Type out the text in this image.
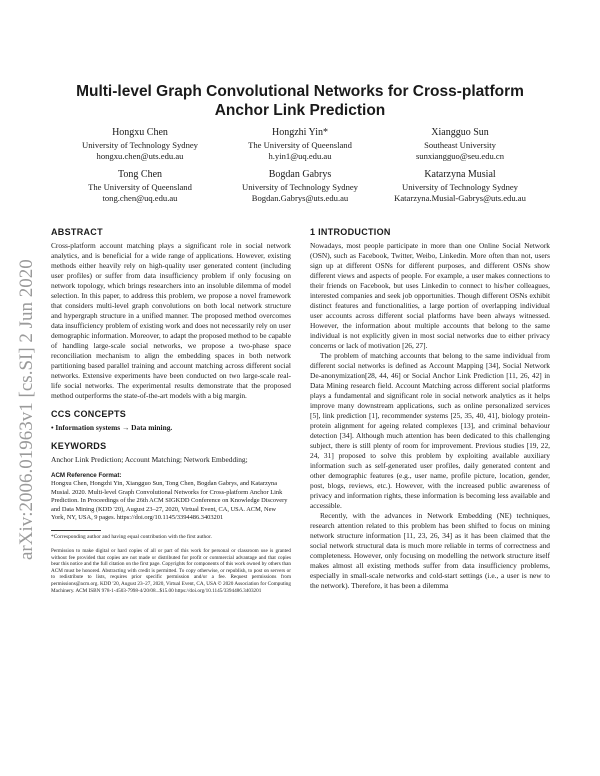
arXiv:2006.01963v1 [cs.SI] 2 Jun 2020
Multi-level Graph Convolutional Networks for Cross-platform Anchor Link Prediction
Hongxu Chen
University of Technology Sydney
hongxu.chen@uts.edu.au
Hongzhi Yin*
The University of Queensland
h.yin1@uq.edu.au
Xiangguo Sun
Southeast University
sunxiangguo@seu.edu.cn
Tong Chen
The University of Queensland
tong.chen@uq.edu.au
Bogdan Gabrys
University of Technology Sydney
Bogdan.Gabrys@uts.edu.au
Katarzyna Musial
University of Technology Sydney
Katarzyna.Musial-Gabrys@uts.edu.au
ABSTRACT

Cross-platform account matching plays a significant role in social network analytics, and is beneficial for a wide range of applications. However, existing methods either heavily rely on high-quality user generated content (including user profiles) or suffer from data insufficiency problem if only focusing on network topology, which brings researchers into an insoluble dilemma of model selection. In this paper, to address this problem, we propose a novel framework that considers multi-level graph convolutions on both local network structure and hypergraph structure in a unified manner. The proposed method overcomes data insufficiency problem of existing work and does not necessarily rely on user demographic information. Moreover, to adapt the proposed method to be capable of handling large-scale social networks, we propose a two-phase space reconciliation mechanism to align the embedding spaces in both network partitioning based parallel training and account matching across different social networks. Extensive experiments have been conducted on two large-scale real-life social networks. The experimental results demonstrate that the proposed method outperforms the state-of-the-art models with a big margin.

CCS CONCEPTS

• Information systems → Data mining.

KEYWORDS

Anchor Link Prediction; Account Matching; Network Embedding;

ACM Reference Format:

Hongxu Chen, Hongzhi Yin, Xiangguo Sun, Tong Chen, Bogdan Gabrys, and Katarzyna Musial. 2020. Multi-level Graph Convolutional Networks for Cross-platform Anchor Link Prediction. In Proceedings of the 26th ACM SIGKDD Conference on Knowledge Discovery and Data Mining (KDD '20), August 23–27, 2020, Virtual Event, CA, USA. ACM, New York, NY, USA, 9 pages. https://doi.org/10.1145/3394486.3403201

*Corresponding author and having equal contribution with the first author.

Permission to make digital or hard copies of all or part of this work for personal or classroom use is granted without fee provided that copies are not made or distributed for profit or commercial advantage and that copies bear this notice and the full citation on the first page. Copyrights for components of this work owned by others than ACM must be honored. Abstracting with credit is permitted. To copy otherwise, or republish, to post on servers or to redistribute to lists, requires prior specific permission and/or a fee. Request permissions from permissions@acm.org. KDD '20, August 23–27, 2020, Virtual Event, CA, USA © 2020 Association for Computing Machinery. ACM ISBN 978-1-4503-7998-4/20/08...$15.00 https://doi.org/10.1145/3394486.3403201

1 INTRODUCTION

Nowadays, most people participate in more than one Online Social Network (OSN), such as Facebook, Twitter, Weibo, Linkedin. More often than not, users sign up at different OSNs for different purposes, and different OSNs show different views and aspects of people. For example, a user makes connections to their friends on Facebook, but uses Linkedin to connect to his/her colleagues, interested companies and seek job opportunities. Though different OSNs exhibit distinct features and functionalities, a large portion of overlapping individual user accounts across different social platforms have been always witnessed. However, the information about multiple accounts that belong to the same individual is not explicitly given in most social networks due to either privacy concerns or lack of motivation [26, 27].

The problem of matching accounts that belong to the same individual from different social networks is defined as Account Mapping [34], Social Network De-anonymization[28, 44, 46] or Social Anchor Link Prediction [11, 26, 42] in Data Mining research field. Account Matching across different social platforms plays a fundamental and significant role in social network analytics as it helps improve many downstream applications, such as online personalized services [5], link prediction [1], recommender systems [25, 35, 40, 41], biology protein-protein alignment for ageing related complexes [13], and criminal behaviour detection [34]. Although much attention has been dedicated to this challenging subject, there is still plenty of room for improvement. Previous studies [19, 22, 24, 31] proposed to solve this problem by exploiting available auxiliary information such as self-generated user profiles, daily generated content and other demographic features (e.g., user name, profile picture, location, gender, post, blogs, reviews, etc.). However, with the increased public awareness of privacy and information rights, these information is becoming less available and accessible.

Recently, with the advances in Network Embedding (NE) techniques, research attention related to this problem has been shifted to focus on mining network structure information [11, 23, 26, 34] as it has been claimed that the social network structural data is much more reliable in terms of correctness and completeness. However, only focusing on modelling the network structure itself makes almost all existing methods suffer from data insufficiency problems, especially in small-scale networks and cold-start settings (i.e., a user is new to the network). Therefore, it has been a dilemma
